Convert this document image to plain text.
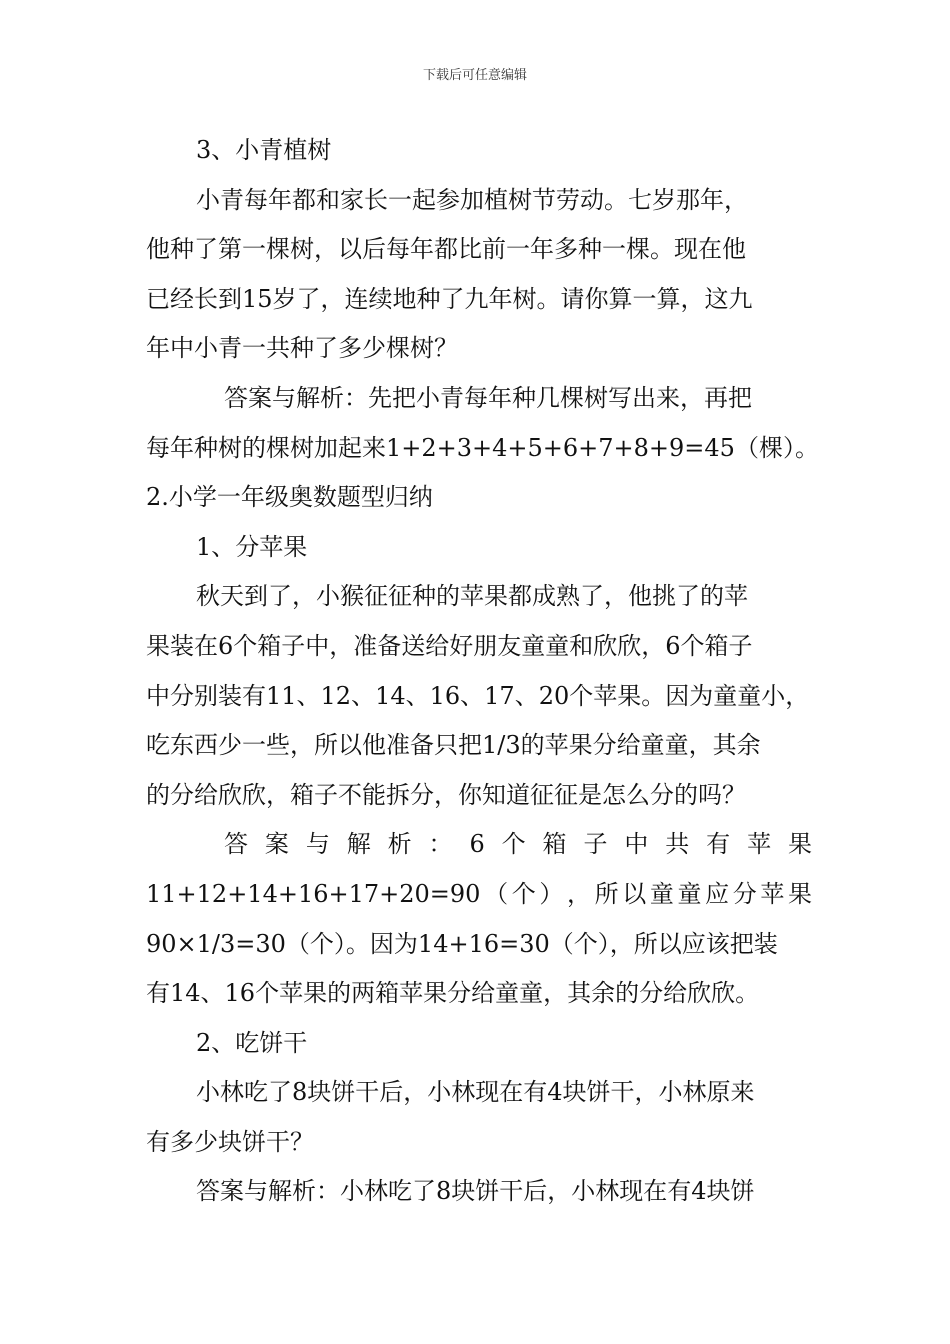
下载后可任意编辑
3、小青植树
小青每年都和家长一起参加植树节劳动。七岁那年，
他种了第一棵树，以后每年都比前一年多种一棵。现在他
已经长到15岁了，连续地种了九年树。请你算一算，这九
年中小青一共种了多少棵树？
答案与解析：先把小青每年种几棵树写出来，再把
每年种树的棵树加起来1+2+3+4+5+6+7+8+9=45（棵）。
2.小学一年级奥数题型归纳
1、分苹果
秋天到了，小猴征征种的苹果都成熟了，他挑了的苹
果装在6个箱子中，准备送给好朋友童童和欣欣，6个箱子
中分别装有11、12、14、16、17、20个苹果。因为童童小，
吃东西少一些，所以他准备只把1/3的苹果分给童童，其余
的分给欣欣，箱子不能拆分，你知道征征是怎么分的吗？
答 案 与 解 析 ： 6 个 箱 子 中 共 有 苹 果
11+12+14+16+17+20=90 （ 个 ） ， 所 以 童 童 应 分 苹 果
90×1/3=30（个）。因为14+16=30（个），所以应该把装
有14、16个苹果的两箱苹果分给童童，其余的分给欣欣。
2、吃饼干
小林吃了8块饼干后，小林现在有4块饼干，小林原来
有多少块饼干？
答案与解析：小林吃了8块饼干后，小林现在有4块饼
